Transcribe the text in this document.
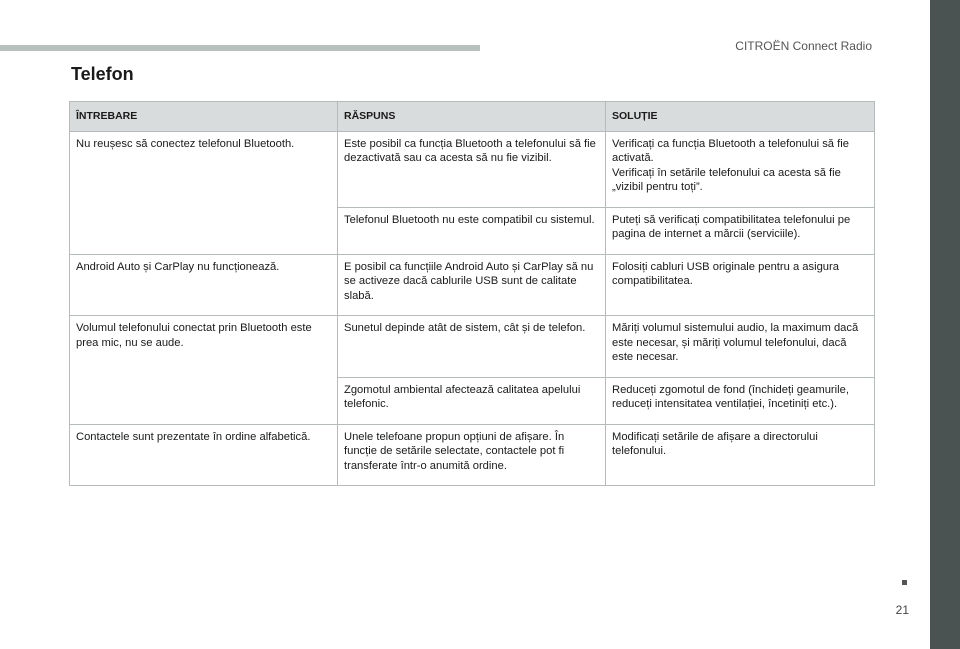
CITROËN Connect Radio
Telefon
ÎNTREBARE	RĂSPUNS	SOLUȚIE
Nu reușesc să conectez telefonul Bluetooth.	Este posibil ca funcția Bluetooth a telefonului să fie dezactivată sau ca acesta să nu fie vizibil.	Verificați ca funcția Bluetooth a telefonului să fie activată.
Verificați în setările telefonului ca acesta să fie „vizibil pentru toți”.
	Telefonul Bluetooth nu este compatibil cu sistemul.	Puteți să verificați compatibilitatea telefonului pe pagina de internet a mărcii (serviciile).
Android Auto și CarPlay nu funcționează.	E posibil ca funcțiile Android Auto și CarPlay să nu se activeze dacă cablurile USB sunt de calitate slabă.	Folosiți cabluri USB originale pentru a asigura compatibilitatea.
Volumul telefonului conectat prin Bluetooth este prea mic, nu se aude.	Sunetul depinde atât de sistem, cât și de telefon.	Măriți volumul sistemului audio, la maximum dacă este necesar, și măriți volumul telefonului, dacă este necesar.
	Zgomotul ambiental afectează calitatea apelului telefonic.	Reduceți zgomotul de fond (închideți geamurile, reduceți intensitatea ventilației, încetiniți etc.).
Contactele sunt prezentate în ordine alfabetică.	Unele telefoane propun opțiuni de afișare. În funcție de setările selectate, contactele pot fi transferate într-o anumită ordine.	Modificați setările de afișare a directorului telefonului.
21
